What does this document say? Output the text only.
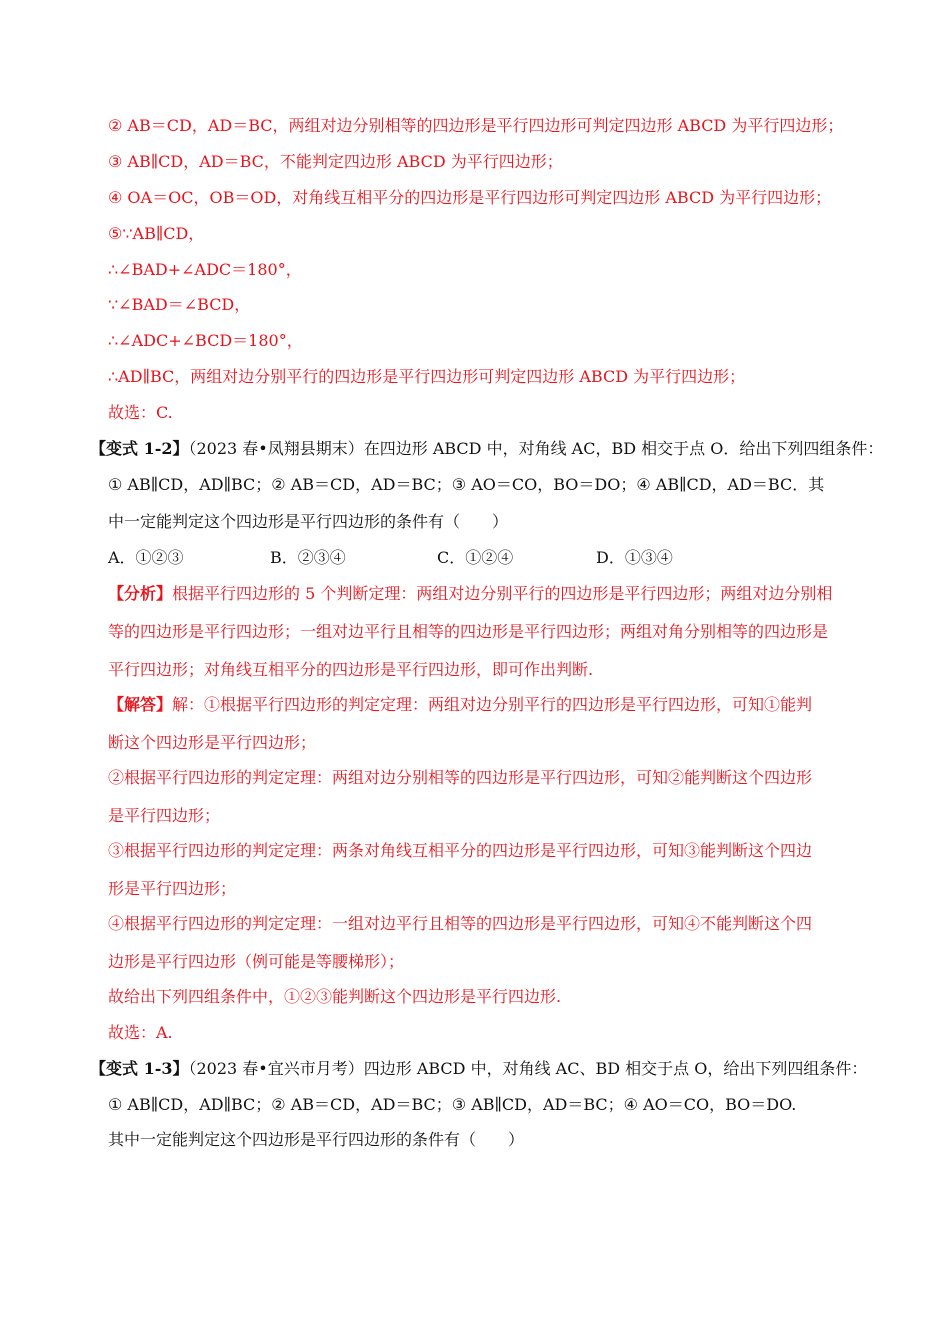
② AB＝CD，AD＝BC，两组对边分别相等的四边形是平行四边形可判定四边形 ABCD 为平行四边形；
③ AB∥CD，AD＝BC，不能判定四边形 ABCD 为平行四边形；
④ OA＝OC，OB＝OD，对角线互相平分的四边形是平行四边形可判定四边形 ABCD 为平行四边形；
⑤∵AB∥CD，
∴∠BAD+∠ADC＝180°，
∵∠BAD＝∠BCD，
∴∠ADC+∠BCD＝180°，
∴AD∥BC，两组对边分别平行的四边形是平行四边形可判定四边形 ABCD 为平行四边形；
故选：C.
【变式 1-2】（2023 春•凤翔县期末）在四边形 ABCD 中，对角线 AC，BD 相交于点 O．给出下列四组条件：
① AB∥CD，AD∥BC；② AB＝CD，AD＝BC；③ AO＝CO，BO＝DO；④ AB∥CD，AD＝BC．其
中一定能判定这个四边形是平行四边形的条件有（　　）
A．①②③	B．②③④	C．①②④	D．①③④
【分析】根据平行四边形的 5 个判断定理：两组对边分别平行的四边形是平行四边形；两组对边分别相
等的四边形是平行四边形；一组对边平行且相等的四边形是平行四边形；两组对角分别相等的四边形是
平行四边形；对角线互相平分的四边形是平行四边形，即可作出判断.
【解答】解：①根据平行四边形的判定定理：两组对边分别平行的四边形是平行四边形，可知①能判
断这个四边形是平行四边形；
②根据平行四边形的判定定理：两组对边分别相等的四边形是平行四边形，可知②能判断这个四边形
是平行四边形；
③根据平行四边形的判定定理：两条对角线互相平分的四边形是平行四边形，可知③能判断这个四边
形是平行四边形；
④根据平行四边形的判定定理：一组对边平行且相等的四边形是平行四边形，可知④不能判断这个四
边形是平行四边形（例可能是等腰梯形）；
故给出下列四组条件中，①②③能判断这个四边形是平行四边形.
故选：A.
【变式 1-3】（2023 春•宜兴市月考）四边形 ABCD 中，对角线 AC、BD 相交于点 O，给出下列四组条件：
① AB∥CD，AD∥BC；② AB＝CD，AD＝BC；③ AB∥CD，AD＝BC；④ AO＝CO，BO＝DO.
其中一定能判定这个四边形是平行四边形的条件有（　　）
